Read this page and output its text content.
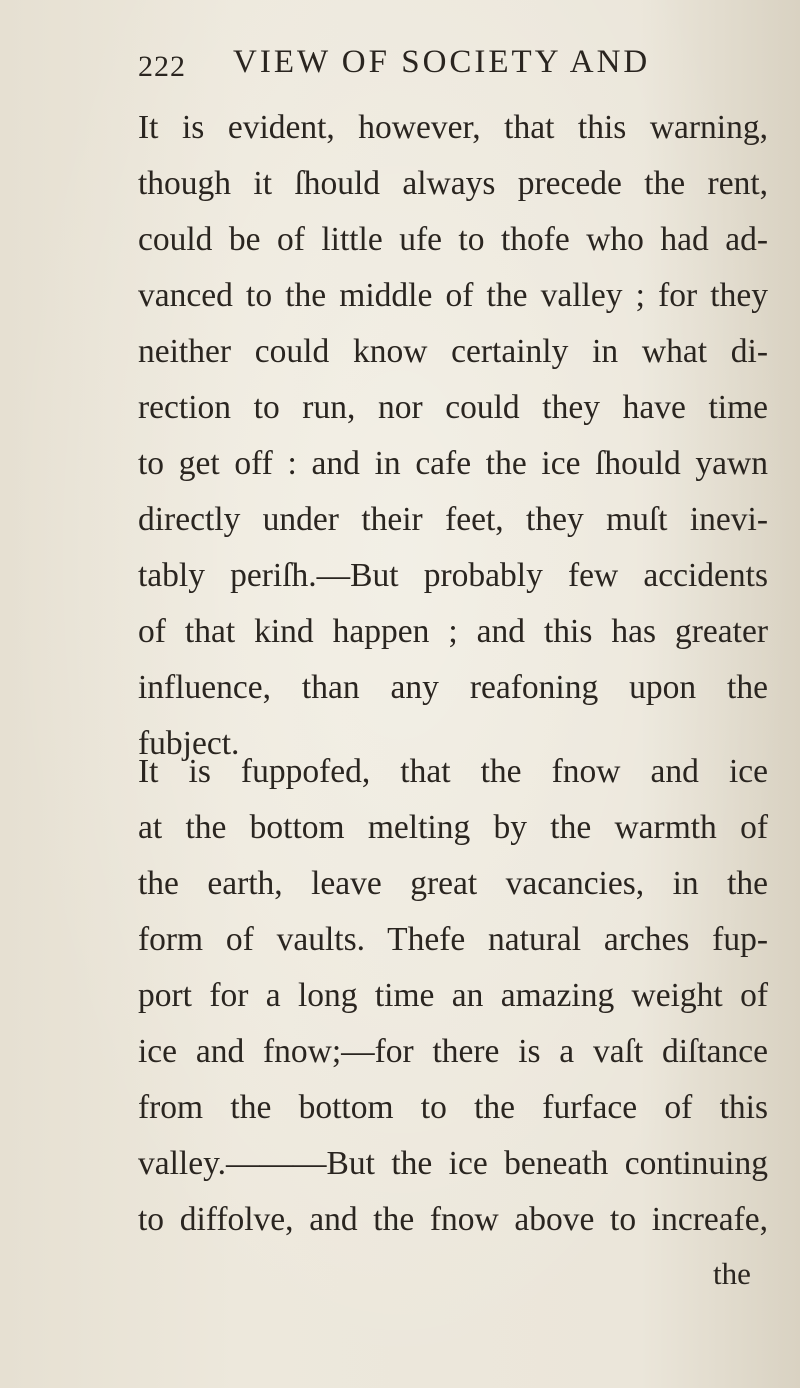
222 VIEW OF SOCIETY AND
It is evident, however, that this warning,
though it ſhould always precede the rent,
could be of little ufe to thofe who had ad-
vanced to the middle of the valley ; for they
neither could know certainly in what di-
rection to run, nor could they have time
to get off : and in cafe the ice ſhould yawn
directly under their feet, they muſt inevi-
tably periſh.—But probably few accidents
of that kind happen ; and this has greater
influence, than any reafoning upon the
fubject.
It is fuppofed, that the fnow and ice
at the bottom melting by the warmth of
the earth, leave great vacancies, in the
form of vaults. Thefe natural arches fup-
port for a long time an amazing weight of
ice and fnow;—for there is a vaſt diſtance
from the bottom to the furface of this
valley.———But the ice beneath continuing
to diffolve, and the fnow above to increafe,
the
